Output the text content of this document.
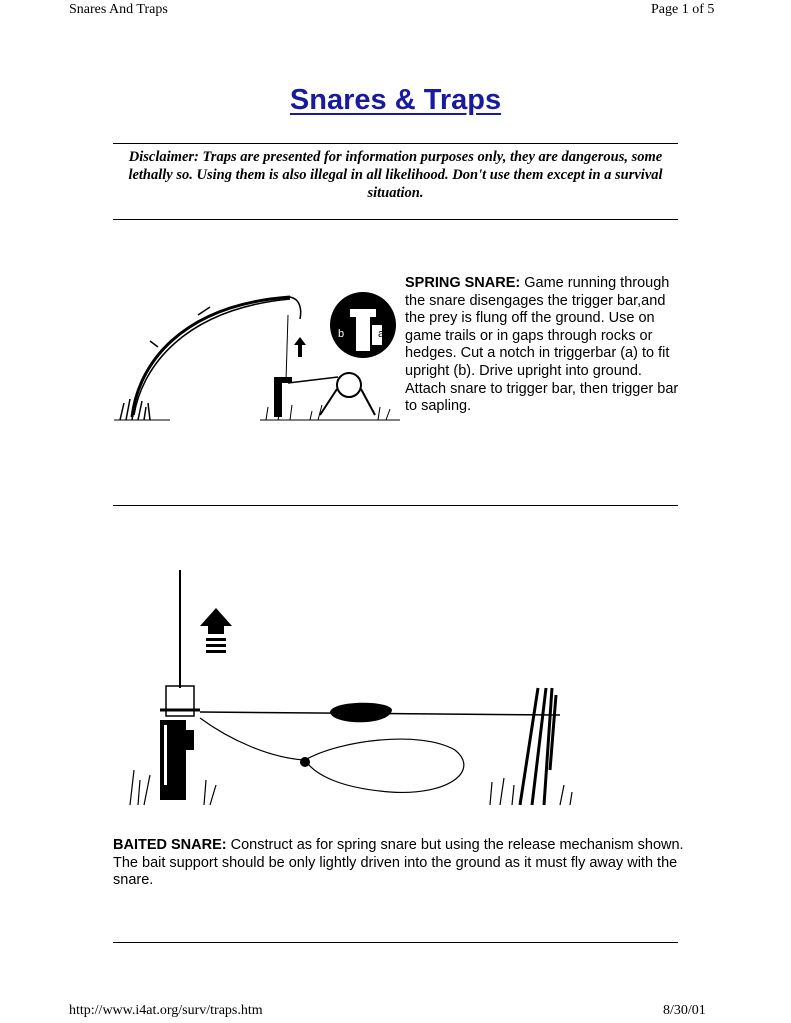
Snares And Traps	Page 1 of 5
Snares & Traps
Disclaimer: Traps are presented for information purposes only, they are dangerous, some lethally so. Using them is also illegal in all likelihood. Don't use them except in a survival situation.
b	a
SPRING SNARE: Game running through the snare disengages the trigger bar,and the prey is flung off the ground. Use on game trails or in gaps through rocks or hedges. Cut a notch in triggerbar (a) to fit upright (b). Drive upright into ground. Attach snare to trigger bar, then trigger bar to sapling.
BAITED SNARE: Construct as for spring snare but using the release mechanism shown. The bait support should be only lightly driven into the ground as it must fly away with the snare.
http://www.i4at.org/surv/traps.htm	8/30/01
